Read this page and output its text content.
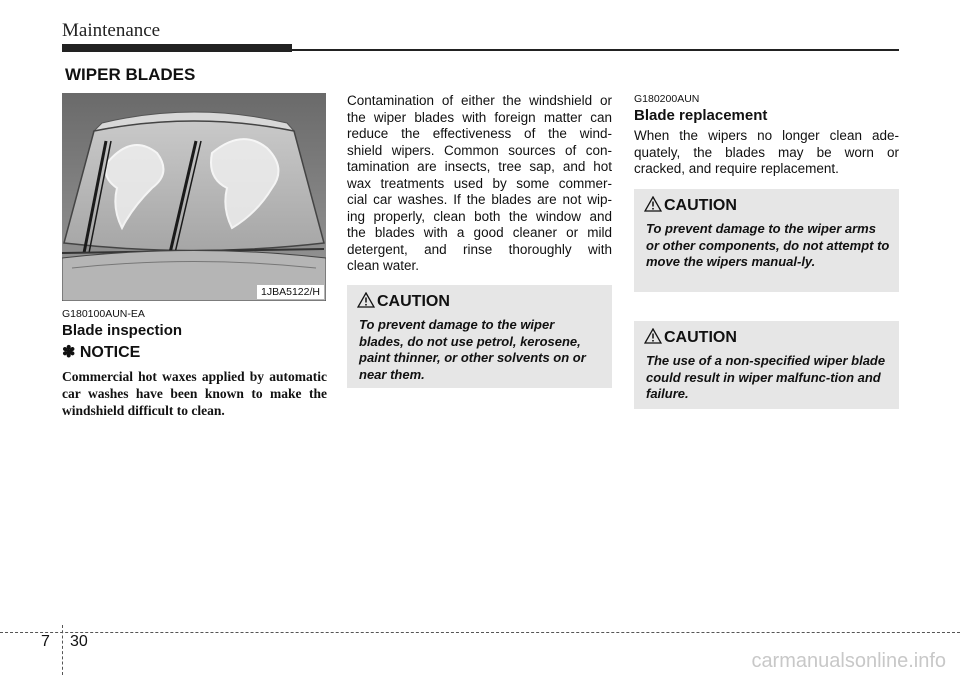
Maintenance
WIPER BLADES
1JBA5122/H
G180100AUN-EA
Blade inspection
✽ NOTICE
Commercial hot waxes applied by automatic car washes have been known to make the windshield difficult to clean.
Contamination of either the windshield or
the wiper blades with foreign matter can
reduce the effectiveness of the wind-
shield wipers. Common sources of con-
tamination are insects, tree sap, and hot
wax treatments used by some commer-
cial car washes. If the blades are not wip-
ing properly, clean both the window and
the blades with a good cleaner or mild
detergent, and rinse thoroughly with
clean water.
CAUTION
To prevent damage to the wiper blades, do not use petrol, kerosene, paint thinner, or other solvents on or near them.
G180200AUN
Blade replacement
When the wipers no longer clean ade-
quately, the blades may be worn or
cracked, and require replacement.
CAUTION
To prevent damage to the wiper arms or other components, do not attempt to move the wipers manual-ly.
CAUTION
The use of a non-specified wiper blade could result in wiper malfunc-tion and failure.
7 30
carmanualsonline.info
